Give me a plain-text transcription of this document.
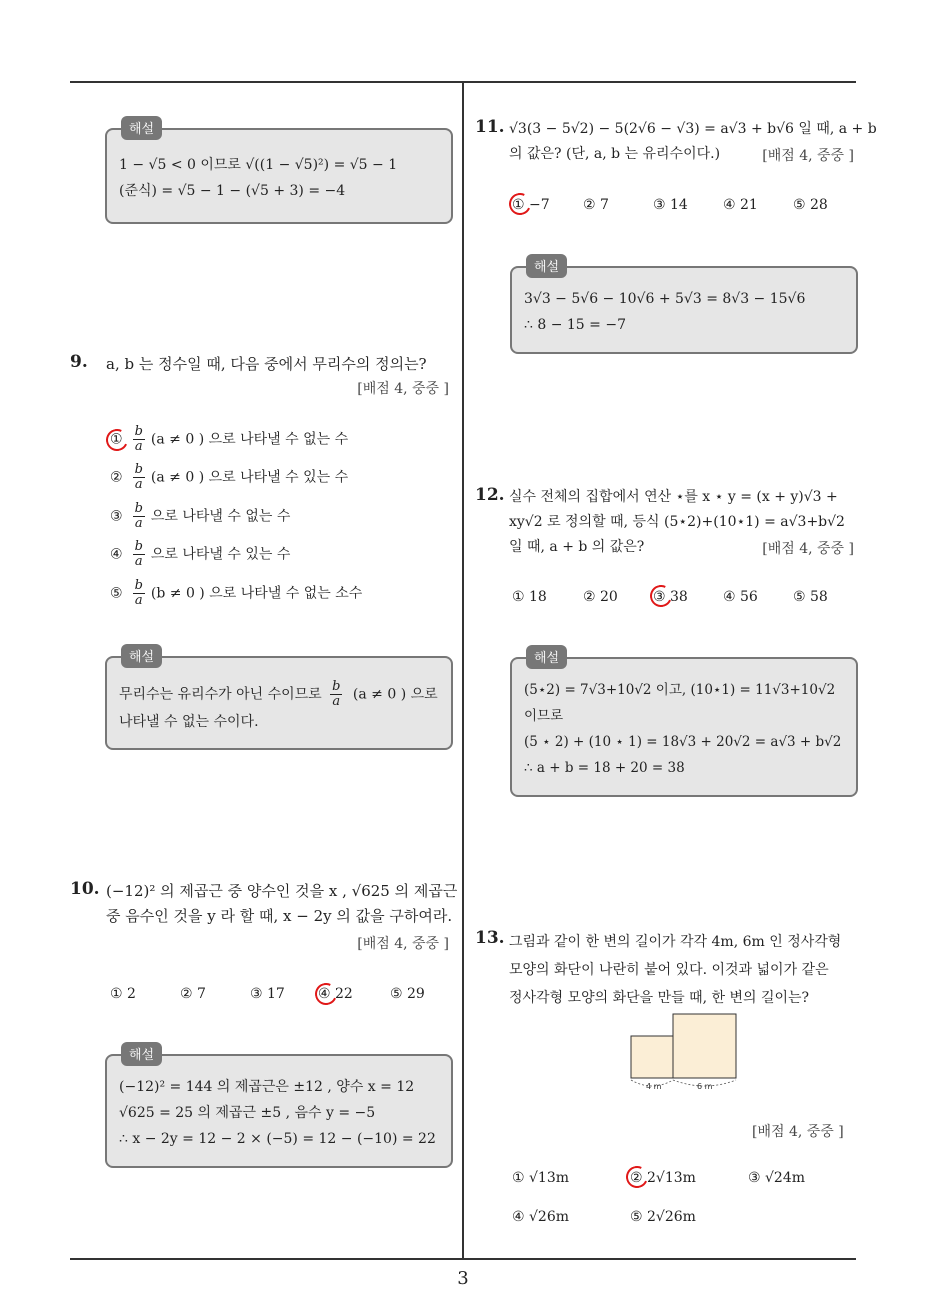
해설
1 − √5 < 0 이므로 √((1 − √5)²) = √5 − 1
(준식) = √5 − 1 − (√5 + 3) = −4
9. a, b 는 정수일 때, 다음 중에서 무리수의 정의는?
[배점 4, 중중 ]
① $\frac{b}{a} (a \ne 0$ ) 으로 나타낼 수 없는 수
② $\frac{b}{a} (a \ne 0$ ) 으로 나타낼 수 있는 수
③ $\frac{b}{a}$ 으로 나타낼 수 없는 수
④ $\frac{b}{a}$ 으로 나타낼 수 있는 수
⑤ $\frac{b}{a} (b \ne 0$ ) 으로 나타낼 수 없는 소수
해설
무리수는 유리수가 아닌 수이므로 $\frac{b}{a} (a \ne 0$ ) 으로
나타낼 수 없는 수이다.
10. (−12)² 의 제곱근 중 양수인 것을 x , √625 의 제곱근
중 음수인 것을 y 라 할 때, x − 2y 의 값을 구하여라.
[배점 4, 중중 ]
① 2	② 7	③ 17 ④ 22	⑤ 29
해설
(−12)² = 144 의 제곱근은 ±12 , 양수 x = 12
√625 = 25 의 제곱근 ±5 , 음수 y = −5
∴ x − 2y = 12 − 2 × (−5) = 12 − (−10) = 22
11. √3(3 − 5√2) − 5(2√6 − √3) = a√3 + b√6 일 때, a + b
의 값은? (단, a, b 는 유리수이다.)	[배점 4, 중중 ]
① −7 ② 7	③ 14	④ 21	⑤ 28
해설
3√3 − 5√6 − 10√6 + 5√3 = 8√3 − 15√6
∴ 8 − 15 = −7
12. 실수 전체의 집합에서 연산 ⋆를 x ⋆ y = (x + y)√3 +
xy√2 로 정의할 때, 등식 (5⋆2)+(10⋆1) = a√3+b√2
일 때, a + b 의 값은?	[배점 4, 중중 ]
① 18	② 20	③ 38	④ 56	⑤ 58
해설
(5⋆2) = 7√3+10√2 이고, (10⋆1) = 11√3+10√2
이므로
(5 ⋆ 2) + (10 ⋆ 1) = 18√3 + 20√2 = a√3 + b√2
∴ a + b = 18 + 20 = 38
13. 그림과 같이 한 변의 길이가 각각 4m, 6m 인 정사각형
모양의 화단이 나란히 붙어 있다. 이것과 넓이가 같은
정사각형 모양의 화단을 만들 때, 한 변의 길이는?
4 m	6 m
[배점 4, 중중 ]
① √13m	② 2√13m	③ √24m
④ √26m	⑤ 2√26m
3
